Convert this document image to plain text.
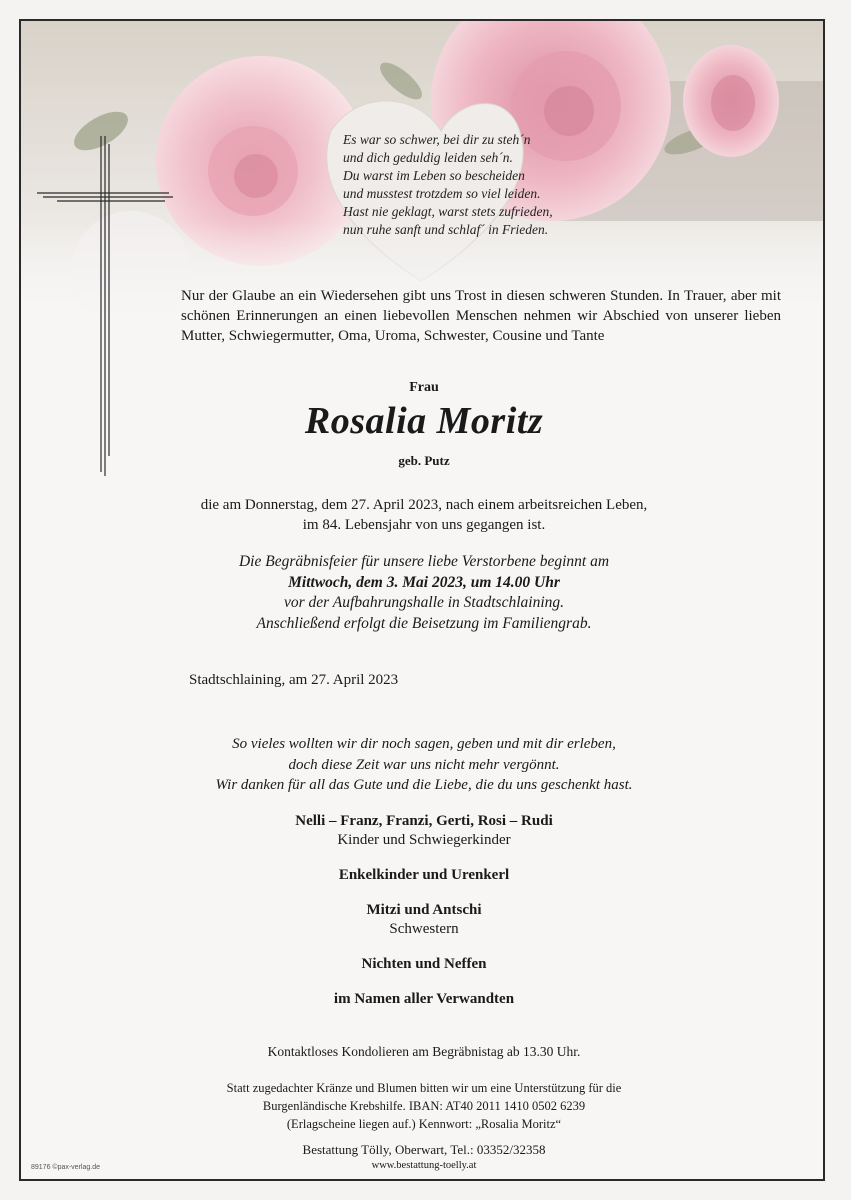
Es war so schwer, bei dir zu steh´n
und dich geduldig leiden seh´n.
Du warst im Leben so bescheiden
und musstest trotzdem so viel leiden.
Hast nie geklagt, warst stets zufrieden,
nun ruhe sanft und schlaf´ in Frieden.
Nur der Glaube an ein Wiedersehen gibt uns Trost in diesen schweren Stunden. In Trauer, aber mit schönen Erinnerungen an einen liebevollen Menschen nehmen wir Abschied von unserer lieben Mutter, Schwiegermutter, Oma, Uroma, Schwester, Cousine und Tante
Frau
Rosalia Moritz
geb. Putz
die am Donnerstag, dem 27. April 2023, nach einem arbeitsreichen Leben,
im 84. Lebensjahr von uns gegangen ist.
Die Begräbnisfeier für unsere liebe Verstorbene beginnt am
Mittwoch, dem 3. Mai 2023, um 14.00 Uhr
vor der Aufbahrungshalle in Stadtschlaining.
Anschließend erfolgt die Beisetzung im Familiengrab.
Stadtschlaining, am 27. April 2023
So vieles wollten wir dir noch sagen, geben und mit dir erleben,
doch diese Zeit war uns nicht mehr vergönnt.
Wir danken für all das Gute und die Liebe, die du uns geschenkt hast.
Nelli – Franz, Franzi, Gerti, Rosi – Rudi
Kinder und Schwiegerkinder
Enkelkinder und Urenkerl
Mitzi und Antschi
Schwestern
Nichten und Neffen
im Namen aller Verwandten
Kontaktloses Kondolieren am Begräbnistag ab 13.30 Uhr.
Statt zugedachter Kränze und Blumen bitten wir um eine Unterstützung für die
Burgenländische Krebshilfe. IBAN: AT40 2011 1410 0502 6239
(Erlagscheine liegen auf.) Kennwort: „Rosalia Moritz“
Bestattung Tölly, Oberwart, Tel.: 03352/32358
www.bestattung-toelly.at
89176 ©pax-verlag.de
